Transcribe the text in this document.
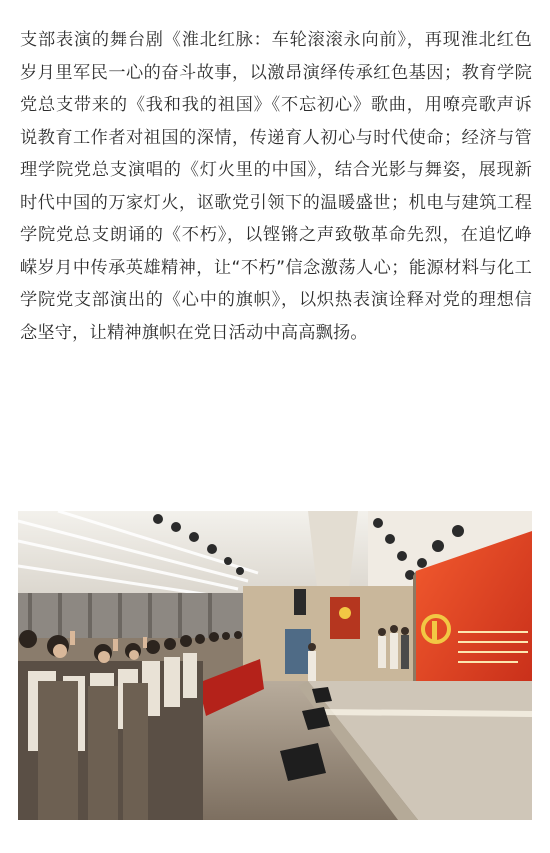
支部表演的舞台剧《淮北红脉：车轮滚滚永向前》，再现淮北红色岁月里军民一心的奋斗故事，以激昂演绎传承红色基因；教育学院党总支带来的《我和我的祖国》《不忘初心》歌曲，用嘹亮歌声诉说教育工作者对祖国的深情，传递育人初心与时代使命；经济与管理学院党总支演唱的《灯火里的中国》，结合光影与舞姿，展现新时代中国的万家灯火，讴歌党引领下的温暖盛世；机电与建筑工程学院党总支朗诵的《不朽》，以铿锵之声致敬革命先烈，在追忆峥嵘岁月中传承英雄精神，让“不朽”信念激荡人心；能源材料与化工学院党支部演出的《心中的旗帜》，以炽热表演诠释对党的理想信念坚守，让精神旗帜在党日活动中高高飘扬。
